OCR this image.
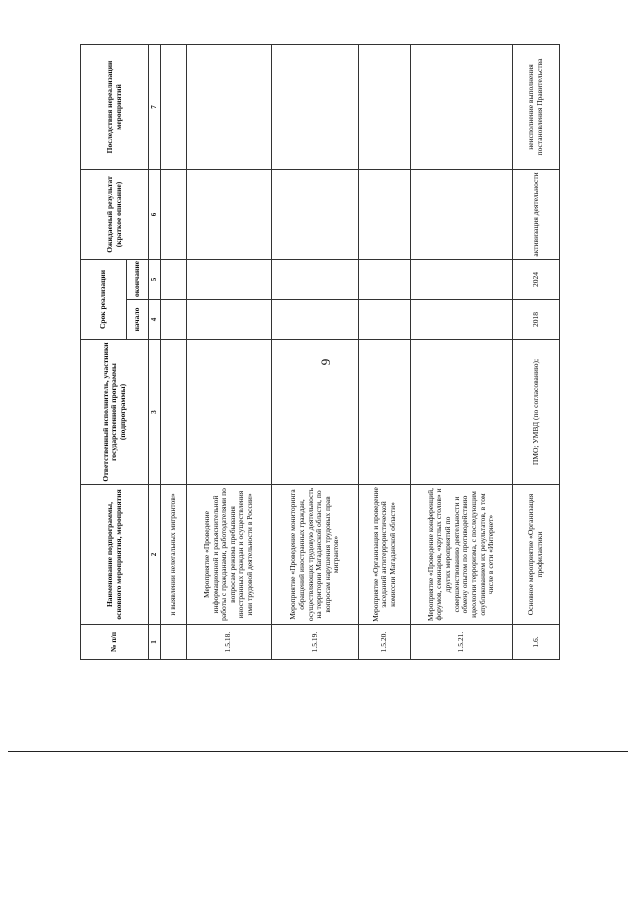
9
№ п/п	Наименование подпрограммы, основного мероприятия, мероприятия	Ответственный исполнитель, участники государственной программы (подпрограммы)	Срок реализации		Ожидаемый результат (краткое описание)	Последствия нереализации мероприятий
			начало	окончание		
1	2	3	4	5	6	7
	и выявлении нелегальных мигрантов»					
1.5.18.	Мероприятие «Проведение информационной и разъяснительной работы с гражданами, работодателями по вопросам режима пребывания иностранных граждан и осуществления ими трудовой деятельности в России»					
1.5.19.	Мероприятие «Проведение мониторинга обращений иностранных граждан, осуществляющих трудовую деятельность на территории Магаданской области, по вопросам нарушения трудовых прав мигрантов»					
1.5.20.	Мероприятие «Организация и проведение заседаний антитеррористической комиссии Магаданской области»					
1.5.21.	Мероприятие «Проведение конференций, форумов, семинаров, «круглых столов» и других мероприятий по совершенствованию деятельности и обмену опытом по противодействию идеологии терроризма, с последующим опубликованием их результатов, в том числе в сети «Интернет»					
1.6.	Основное мероприятие «Организация профилактики	ПМО; УМВД (по согласованию);	2018	2024	активизация деятельности	неисполнение выполнения постановления Правительства
